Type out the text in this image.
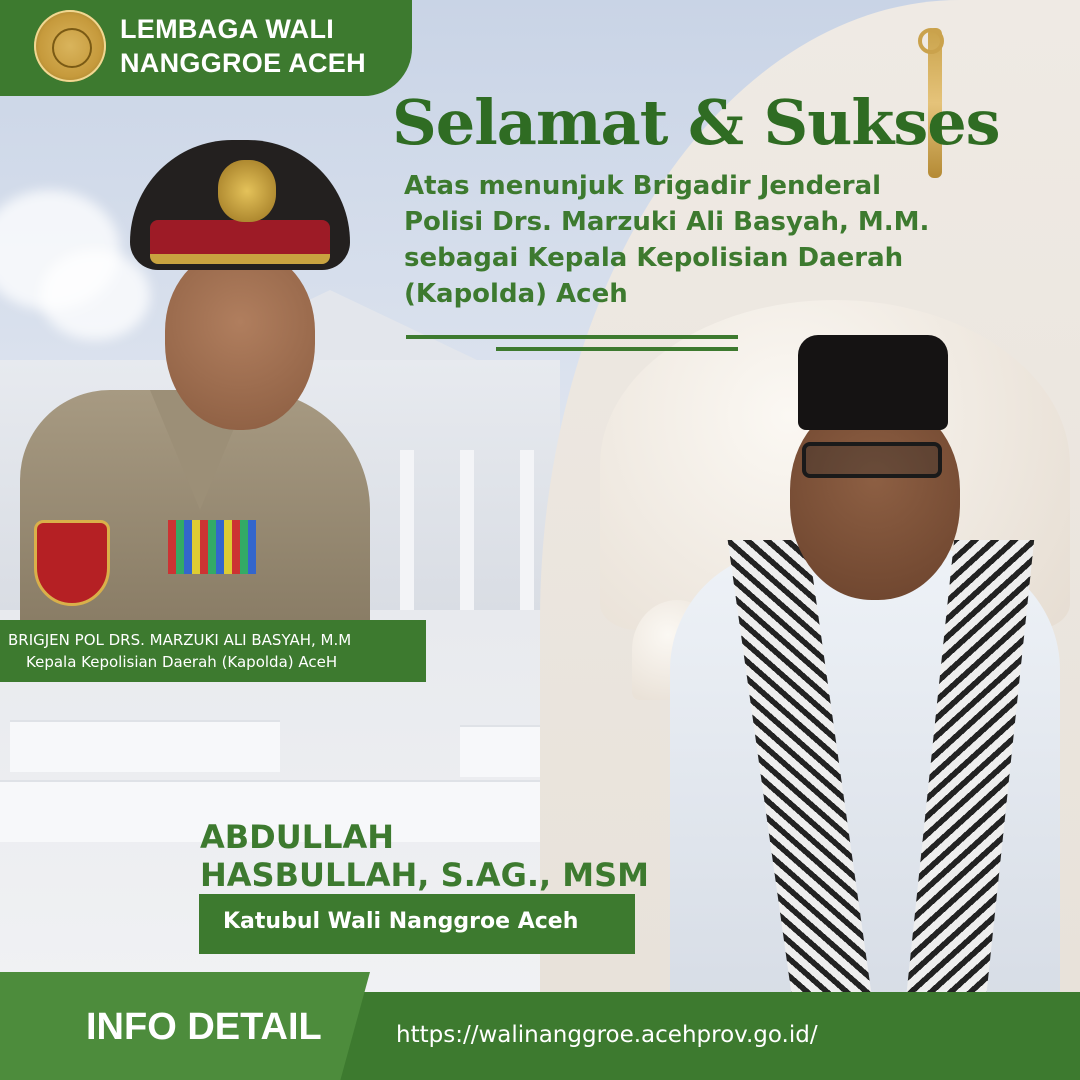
LEMBAGA WALI
NANGGROE ACEH
Selamat & Sukses
Atas menunjuk Brigadir Jenderal
Polisi Drs. Marzuki Ali Basyah, M.M.
sebagai Kepala Kepolisian Daerah
(Kapolda) Aceh
BRIGJEN POL DRS. MARZUKI ALI BASYAH, M.M
Kepala Kepolisian Daerah (Kapolda) AceH
ABDULLAH
HASBULLAH, S.AG., MSM
Katubul Wali Nanggroe Aceh
INFO DETAIL	https://walinanggroe.acehprov.go.id/
